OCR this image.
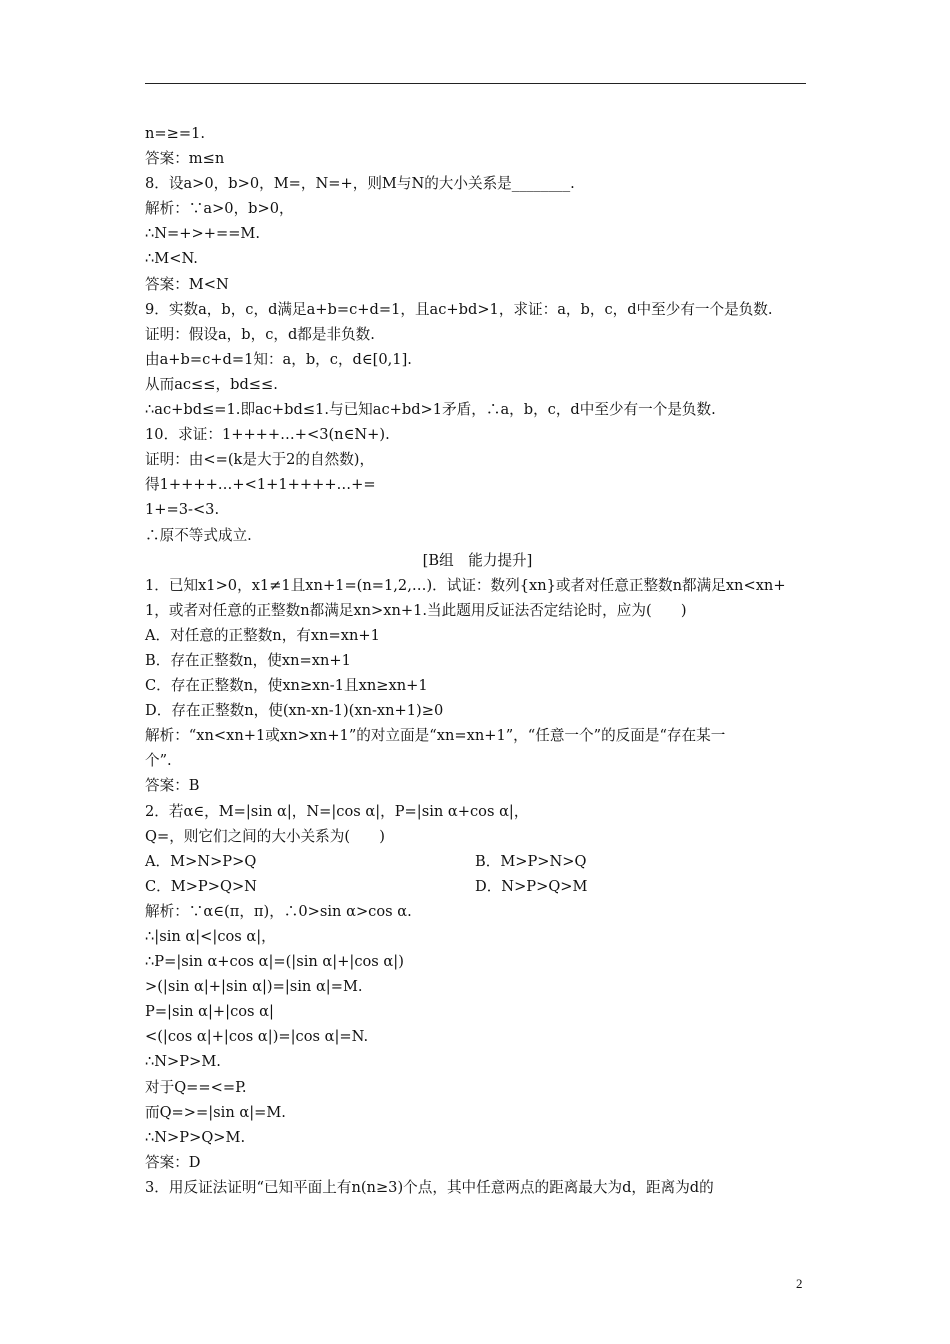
n=≥=1.
答案：m≤n
8．设a>0，b>0，M=，N=+，则M与N的大小关系是________.
解析：∵a>0，b>0，
∴N=+>+==M.
∴M<N.
答案：M<N
9．实数a，b，c，d满足a+b=c+d=1，且ac+bd>1，求证：a，b，c，d中至少有一个是负数.
证明：假设a，b，c，d都是非负数.
由a+b=c+d=1知：a，b，c，d∈[0,1].
从而ac≤≤，bd≤≤.
∴ac+bd≤=1.即ac+bd≤1.与已知ac+bd>1矛盾，∴a，b，c，d中至少有一个是负数.
10．求证：1++++…+<3(n∈N+).
证明：由<=(k是大于2的自然数)，
得1++++…+<1+1++++…+=
1+=3-<3.
∴原不等式成立.
[B组　能力提升]
1．已知x1>0，x1≠1且xn+1=(n=1,2,…)．试证：数列{xn}或者对任意正整数n都满足xn<xn+
1，或者对任意的正整数n都满足xn>xn+1.当此题用反证法否定结论时，应为(　　)
A．对任意的正整数n，有xn=xn+1
B．存在正整数n，使xn=xn+1
C．存在正整数n，使xn≥xn-1且xn≥xn+1
D．存在正整数n，使(xn-xn-1)(xn-xn+1)≥0
解析：“xn<xn+1或xn>xn+1”的对立面是“xn=xn+1”，“任意一个”的反面是“存在某一
个”.
答案：B
2．若α∈，M=|sin α|，N=|cos α|，P=|sin α+cos α|，
Q=，则它们之间的大小关系为(　　)
A．M>N>P>Q	B．M>P>N>Q
C．M>P>Q>N	D．N>P>Q>M
解析：∵α∈(π，π)，∴0>sin α>cos α.
∴|sin α|<|cos α|，
∴P=|sin α+cos α|=(|sin α|+|cos α|)
>(|sin α|+|sin α|)=|sin α|=M.
P=|sin α|+|cos α|
<(|cos α|+|cos α|)=|cos α|=N.
∴N>P>M.
对于Q==<=P.
而Q=>=|sin α|=M.
∴N>P>Q>M.
答案：D
3．用反证法证明“已知平面上有n(n≥3)个点，其中任意两点的距离最大为d，距离为d的
2
